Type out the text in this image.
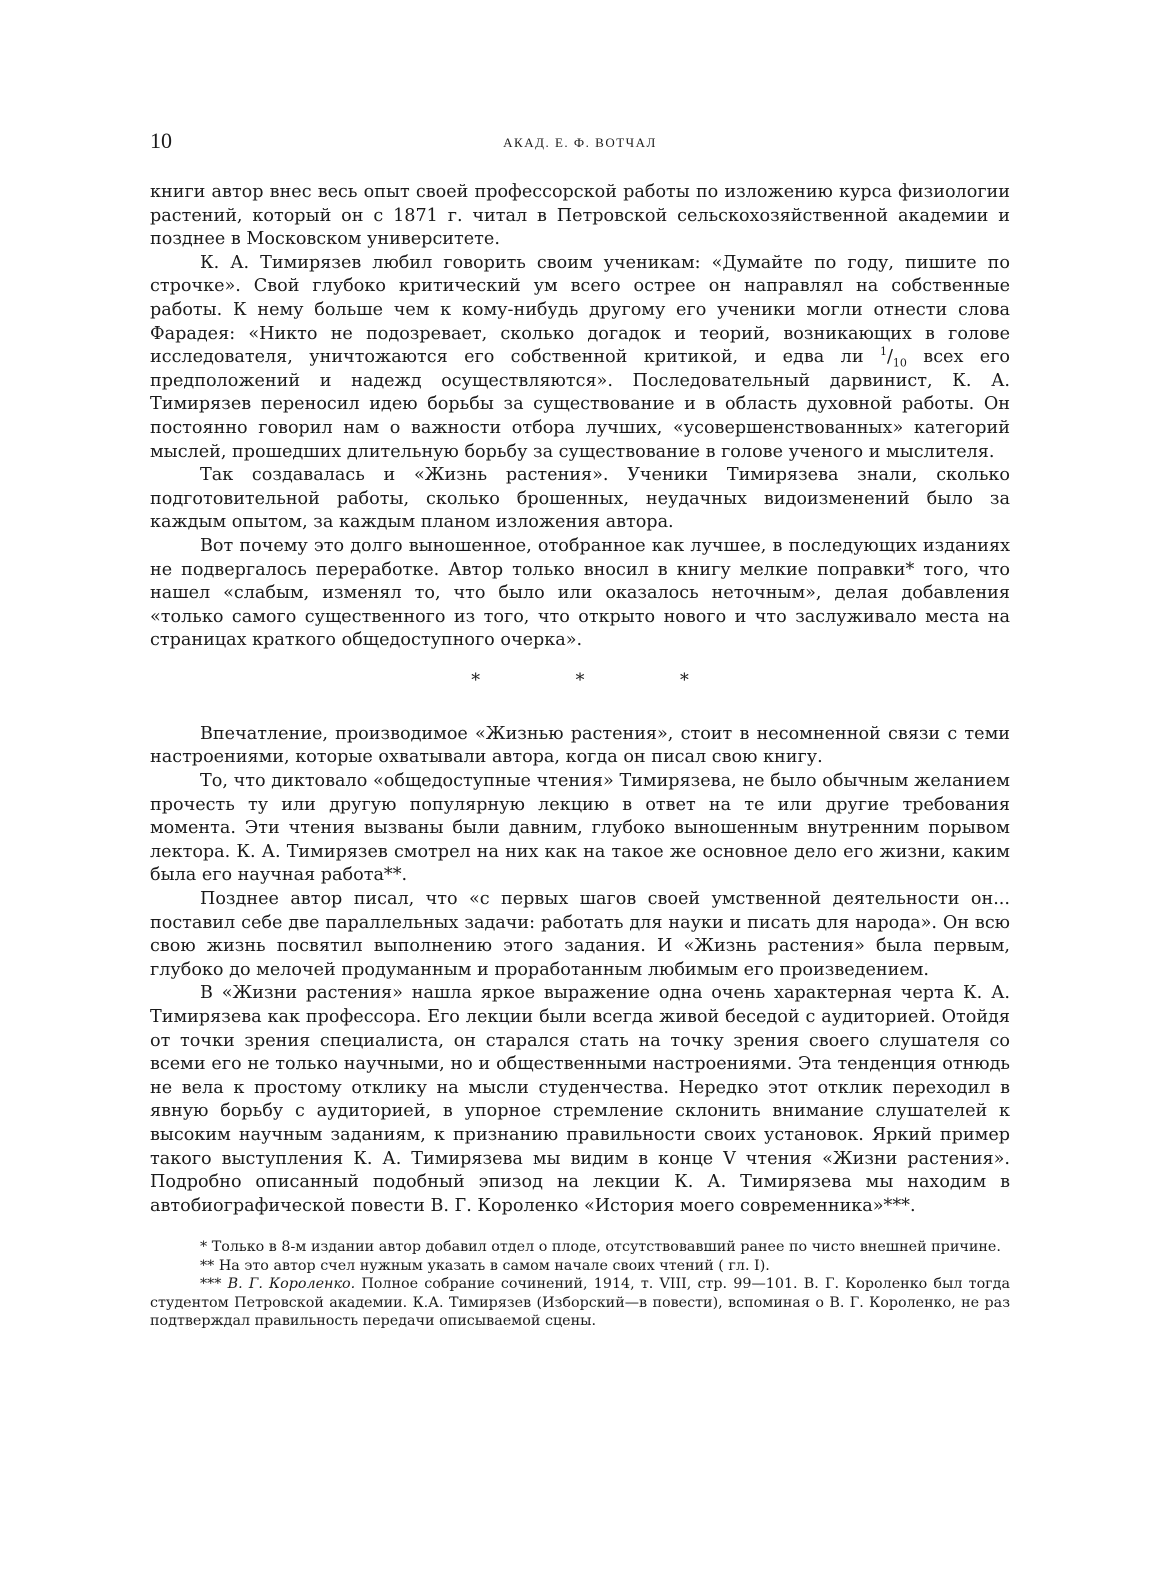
10	АКАД. Е. Ф. ВОТЧАЛ

книги автор внес весь опыт своей профессорской работы по изложению курса физиологии растений, который он с 1871 г. читал в Петровской сельскохозяйственной академии и позднее в Московском университете.

К. А. Тимирязев любил говорить своим ученикам: «Думайте по году, пишите по строчке». Свой глубоко критический ум всего острее он направлял на собственные работы. К нему больше чем к кому-нибудь другому его ученики могли отнести слова Фарадея: «Никто не подозревает, сколько догадок и теорий, возникающих в голове исследователя, уничтожаются его собственной критикой, и едва ли $^1/_{10}$ всех его предположений и надежд осуществляются». Последовательный дарвинист, К. А. Тимирязев переносил идею борьбы за существование и в область духовной работы. Он постоянно говорил нам о важности отбора лучших, «усовершенствованных» категорий мыслей, прошедших длительную борьбу за существование в голове ученого и мыслителя.

Так создавалась и «Жизнь растения». Ученики Тимирязева знали, сколько подготовительной работы, сколько брошенных, неудачных видоизменений было за каждым опытом, за каждым планом изложения автора.

Вот почему это долго выношенное, отобранное как лучшее, в последующих изданиях не подвергалось переработке. Автор только вносил в книгу мелкие поправки* того, что нашел «слабым, изменял то, что было или оказалось неточным», делая добавления «только самого существенного из того, что открыто нового и что заслуживало места на страницах краткого общедоступного очерка».

* * *

Впечатление, производимое «Жизнью растения», стоит в несомненной связи с теми настроениями, которые охватывали автора, когда он писал свою книгу.

То, что диктовало «общедоступные чтения» Тимирязева, не было обычным желанием прочесть ту или другую популярную лекцию в ответ на те или другие требования момента. Эти чтения вызваны были давним, глубоко выношенным внутренним порывом лектора. К. А. Тимирязев смотрел на них как на такое же основное дело его жизни, каким была его научная работа**.

Позднее автор писал, что «с первых шагов своей умственной деятельности он... поставил себе две параллельных задачи: работать для науки и писать для народа». Он всю свою жизнь посвятил выполнению этого задания. И «Жизнь растения» была первым, глубоко до мелочей продуманным и проработанным любимым его произведением.

В «Жизни растения» нашла яркое выражение одна очень характерная черта К. А. Тимирязева как профессора. Его лекции были всегда живой беседой с аудиторией. Отойдя от точки зрения специалиста, он старался стать на точку зрения своего слушателя со всеми его не только научными, но и общественными настроениями. Эта тенденция отнюдь не вела к простому отклику на мысли студенчества. Нередко этот отклик переходил в явную борьбу с аудиторией, в упорное стремление склонить внимание слушателей к высоким научным заданиям, к признанию правильности своих установок. Яркий пример такого выступления К. А. Тимирязева мы видим в конце V чтения «Жизни растения». Подробно описанный подобный эпизод на лекции К. А. Тимирязева мы находим в автобиографической повести В. Г. Короленко «История моего современника»***.

* Только в 8-м издании автор добавил отдел о плоде, отсутствовавший ранее по чисто внешней причине.

** На это автор счел нужным указать в самом начале своих чтений ( гл. I).

*** В. Г. Короленко. Полное собрание сочинений, 1914, т. VIII, стр. 99—101. В. Г. Короленко был тогда студентом Петровской академии. К.А. Тимирязев (Изборский—в повести), вспоминая о В. Г. Короленко, не раз подтверждал правильность передачи описываемой сцены.
